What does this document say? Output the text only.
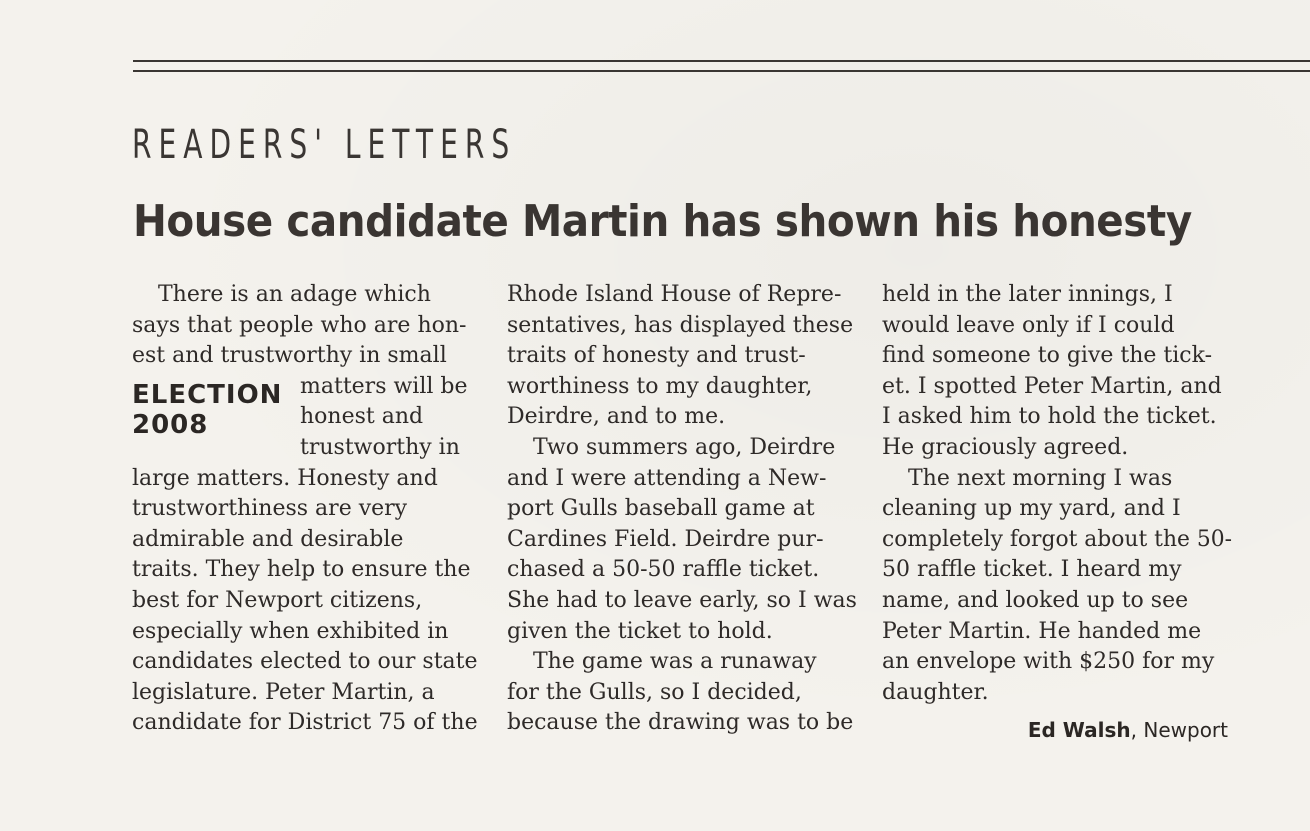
READERS' LETTERS
House candidate Martin has shown his honesty
ELECTION
2008
There is an adage which
says that people who are hon-
est and trustworthy in small
matters will be
honest and
trustworthy in
large matters. Honesty and
trustworthiness are very
admirable and desirable
traits. They help to ensure the
best for Newport citizens,
especially when exhibited in
candidates elected to our state
legislature. Peter Martin, a
candidate for District 75 of the
Rhode Island House of Repre-
sentatives, has displayed these
traits of honesty and trust-
worthiness to my daughter,
Deirdre, and to me.
Two summers ago, Deirdre
and I were attending a New-
port Gulls baseball game at
Cardines Field. Deirdre pur-
chased a 50-50 raffle ticket.
She had to leave early, so I was
given the ticket to hold.
The game was a runaway
for the Gulls, so I decided,
because the drawing was to be
held in the later innings, I
would leave only if I could
find someone to give the tick-
et. I spotted Peter Martin, and
I asked him to hold the ticket.
He graciously agreed.
The next morning I was
cleaning up my yard, and I
completely forgot about the 50-
50 raffle ticket. I heard my
name, and looked up to see
Peter Martin. He handed me
an envelope with $250 for my
daughter.
Ed Walsh, Newport
